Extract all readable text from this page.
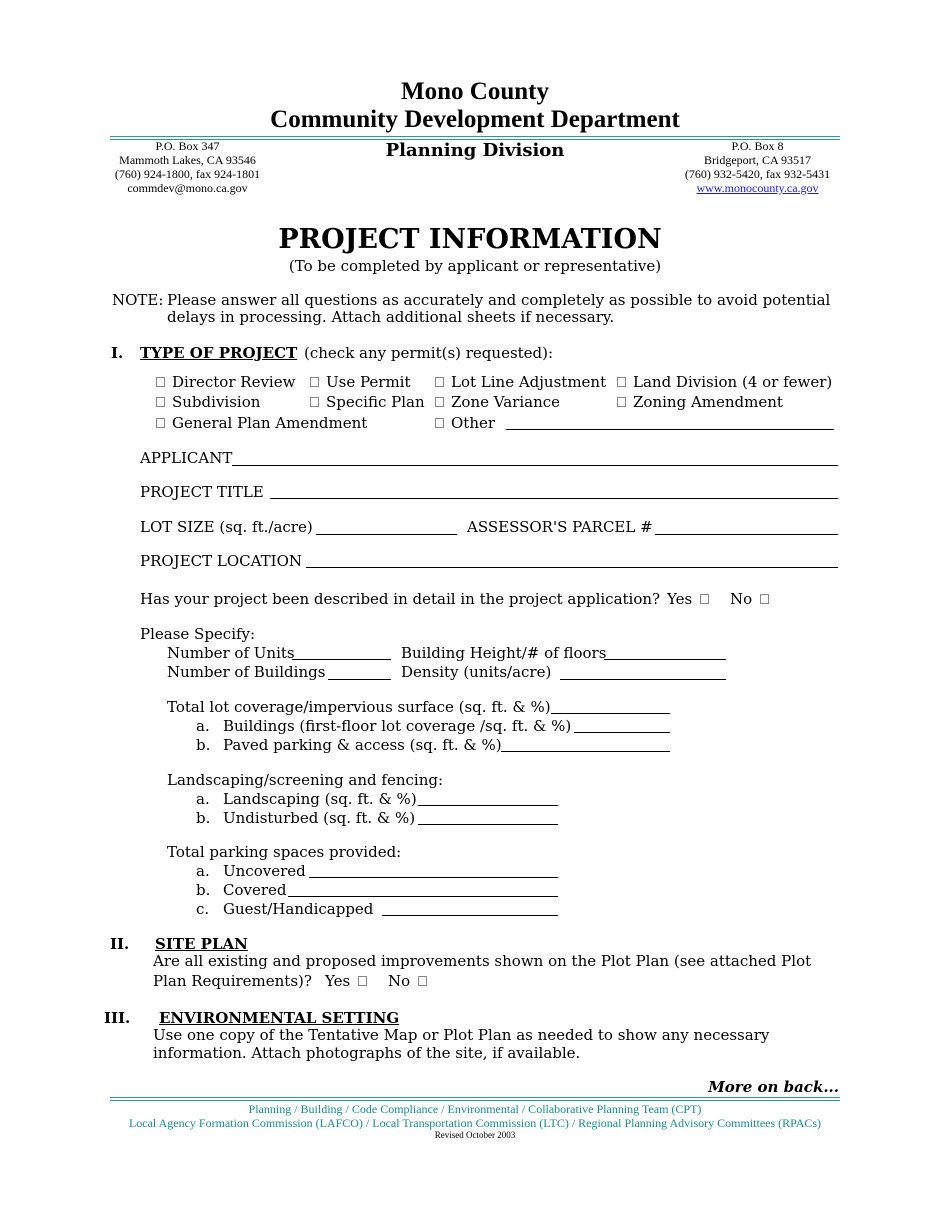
Mono County
Community Development Department
Planning Division
P.O. Box 347
Mammoth Lakes, CA 93546
(760) 924-1800, fax 924-1801
commdev@mono.ca.gov
P.O. Box 8
Bridgeport, CA 93517
(760) 932-5420, fax 932-5431
www.monocounty.ca.gov
PROJECT INFORMATION
(To be completed by applicant or representative)
NOTE: Please answer all questions as accurately and completely as possible to avoid potential
delays in processing. Attach additional sheets if necessary.
I. TYPE OF PROJECT (check any permit(s) requested):
Director Review	Use Permit	Lot Line Adjustment	Land Division (4 or fewer)
Subdivision	Specific Plan	Zone Variance	Zoning Amendment
General Plan Amendment	Other
APPLICANT
PROJECT TITLE
LOT SIZE (sq. ft./acre)	ASSESSOR'S PARCEL #
PROJECT LOCATION
Has your project been described in detail in the project application? Yes	No
Please Specify:
Number of Units	Building Height/# of floors
Number of Buildings	Density (units/acre)
Total lot coverage/impervious surface (sq. ft. & %)
a. Buildings (first-floor lot coverage /sq. ft. & %)
b. Paved parking & access (sq. ft. & %)
Landscaping/screening and fencing:
a. Landscaping (sq. ft. & %)
b. Undisturbed (sq. ft. & %)
Total parking spaces provided:
a. Uncovered
b. Covered
c. Guest/Handicapped
II. SITE PLAN
Are all existing and proposed improvements shown on the Plot Plan (see attached Plot
Plan Requirements)? Yes	No
III. ENVIRONMENTAL SETTING
Use one copy of the Tentative Map or Plot Plan as needed to show any necessary
information. Attach photographs of the site, if available.
More on back...
Planning / Building / Code Compliance / Environmental / Collaborative Planning Team (CPT)
Local Agency Formation Commission (LAFCO) / Local Transportation Commission (LTC) / Regional Planning Advisory Committees (RPACs)
Revised October 2003
